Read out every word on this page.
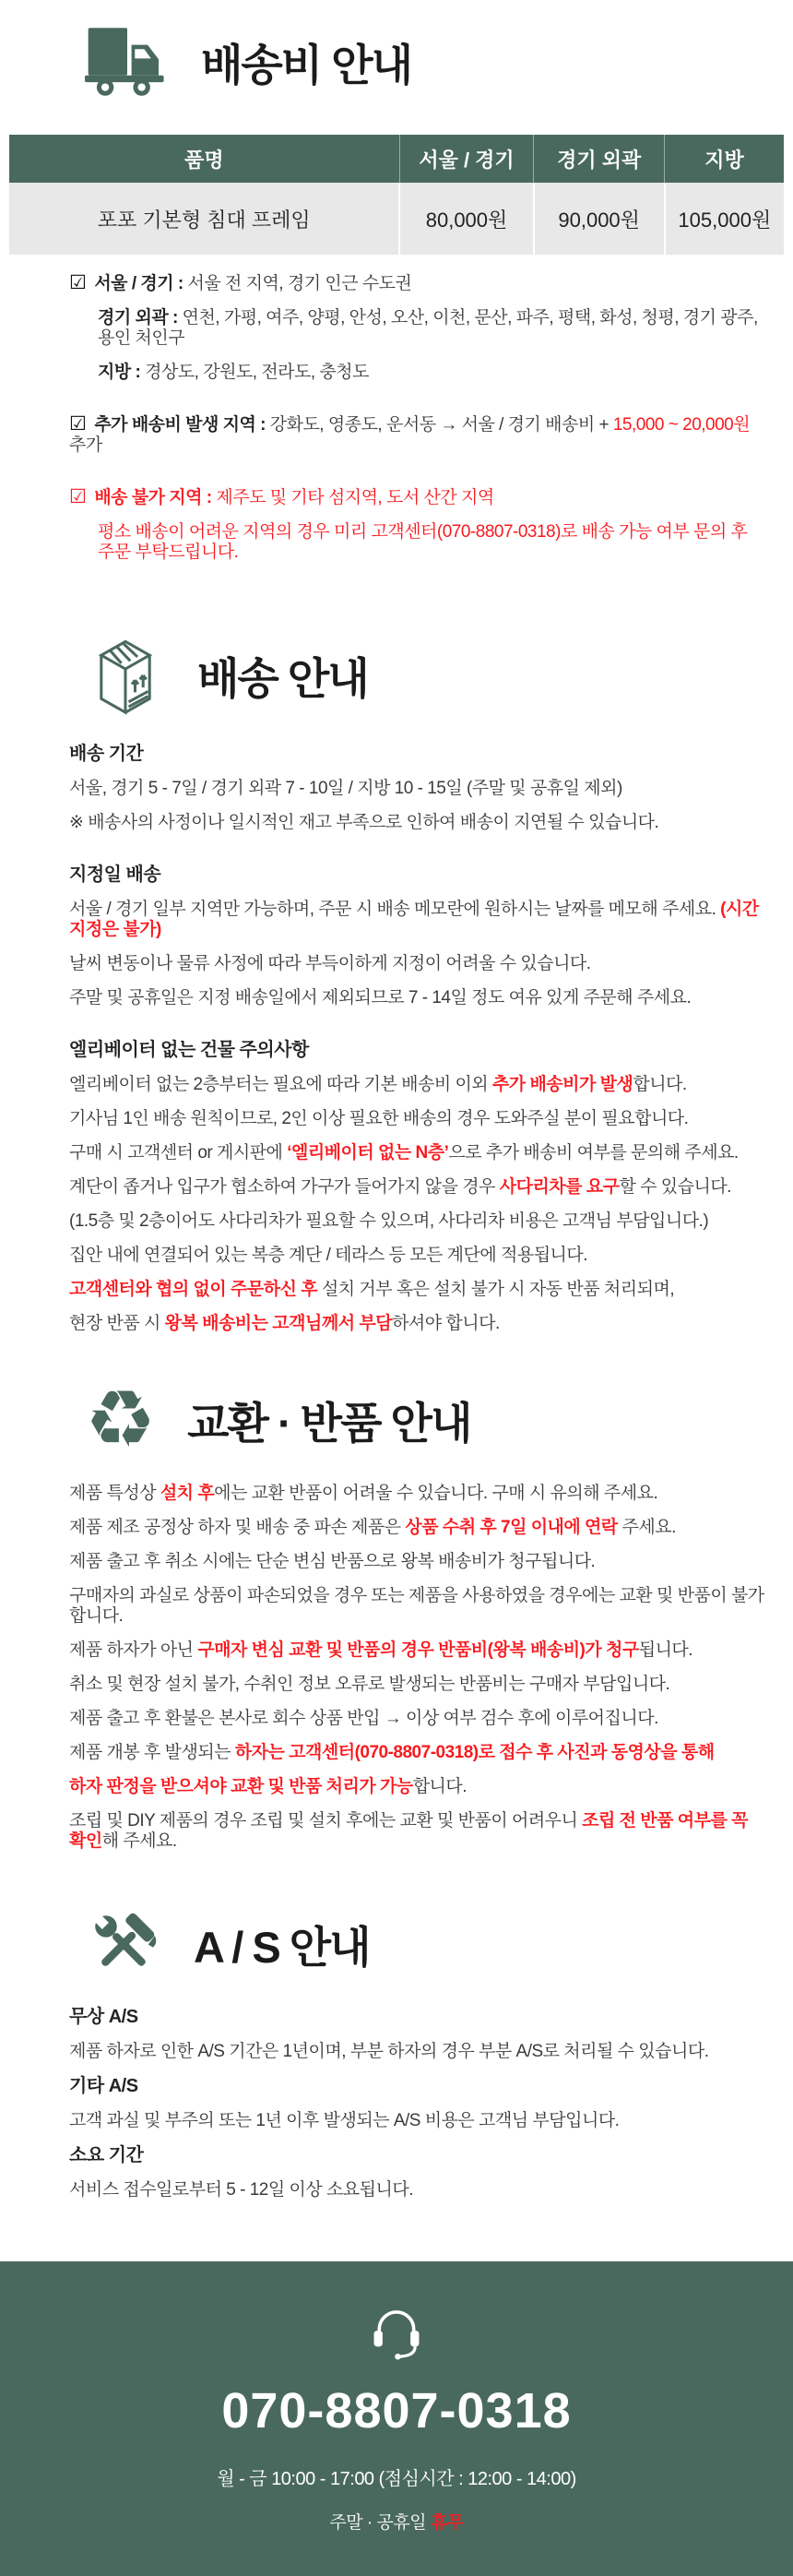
배송비 안내
품명	서울 / 경기	경기 외곽	지방
포포 기본형 침대 프레임	80,000원	90,000원	105,000원
☑ 서울 / 경기 : 서울 전 지역, 경기 인근 수도권
경기 외곽 : 연천, 가평, 여주, 양평, 안성, 오산, 이천, 문산, 파주, 평택, 화성, 청평, 경기 광주, 용인 처인구
지방 : 경상도, 강원도, 전라도, 충청도
☑ 추가 배송비 발생 지역 : 강화도, 영종도, 운서동 → 서울 / 경기 배송비 + 15,000 ~ 20,000원 추가
☑ 배송 불가 지역 : 제주도 및 기타 섬지역, 도서 산간 지역
평소 배송이 어려운 지역의 경우 미리 고객센터(070-8807-0318)로 배송 가능 여부 문의 후 주문 부탁드립니다.
배송 안내
배송 기간
서울, 경기 5 - 7일 / 경기 외곽 7 - 10일 / 지방 10 - 15일 (주말 및 공휴일 제외)
※ 배송사의 사정이나 일시적인 재고 부족으로 인하여 배송이 지연될 수 있습니다.
지정일 배송
서울 / 경기 일부 지역만 가능하며, 주문 시 배송 메모란에 원하시는 날짜를 메모해 주세요. (시간 지정은 불가)
날씨 변동이나 물류 사정에 따라 부득이하게 지정이 어려울 수 있습니다.
주말 및 공휴일은 지정 배송일에서 제외되므로 7 - 14일 정도 여유 있게 주문해 주세요.
엘리베이터 없는 건물 주의사항
엘리베이터 없는 2층부터는 필요에 따라 기본 배송비 이외 추가 배송비가 발생합니다.
기사님 1인 배송 원칙이므로, 2인 이상 필요한 배송의 경우 도와주실 분이 필요합니다.
구매 시 고객센터 or 게시판에 ‘엘리베이터 없는 N층’으로 추가 배송비 여부를 문의해 주세요.
계단이 좁거나 입구가 협소하여 가구가 들어가지 않을 경우 사다리차를 요구할 수 있습니다.
(1.5층 및 2층이어도 사다리차가 필요할 수 있으며, 사다리차 비용은 고객님 부담입니다.)
집안 내에 연결되어 있는 복층 계단 / 테라스 등 모든 계단에 적용됩니다.
고객센터와 협의 없이 주문하신 후 설치 거부 혹은 설치 불가 시 자동 반품 처리되며,
현장 반품 시 왕복 배송비는 고객님께서 부담하셔야 합니다.
♻ 교환 · 반품 안내
제품 특성상 설치 후에는 교환 반품이 어려울 수 있습니다. 구매 시 유의해 주세요.
제품 제조 공정상 하자 및 배송 중 파손 제품은 상품 수취 후 7일 이내에 연락 주세요.
제품 출고 후 취소 시에는 단순 변심 반품으로 왕복 배송비가 청구됩니다.
구매자의 과실로 상품이 파손되었을 경우 또는 제품을 사용하였을 경우에는 교환 및 반품이 불가합니다.
제품 하자가 아닌 구매자 변심 교환 및 반품의 경우 반품비(왕복 배송비)가 청구됩니다.
취소 및 현장 설치 불가, 수취인 정보 오류로 발생되는 반품비는 구매자 부담입니다.
제품 출고 후 환불은 본사로 회수 상품 반입 → 이상 여부 검수 후에 이루어집니다.
제품 개봉 후 발생되는 하자는 고객센터(070-8807-0318)로 접수 후 사진과 동영상을 통해
하자 판정을 받으셔야 교환 및 반품 처리가 가능합니다.
조립 및 DIY 제품의 경우 조립 및 설치 후에는 교환 및 반품이 어려우니 조립 전 반품 여부를 꼭 확인해 주세요.
A / S 안내
무상 A/S
제품 하자로 인한 A/S 기간은 1년이며, 부분 하자의 경우 부분 A/S로 처리될 수 있습니다.
기타 A/S
고객 과실 및 부주의 또는 1년 이후 발생되는 A/S 비용은 고객님 부담입니다.
소요 기간
서비스 접수일로부터 5 - 12일 이상 소요됩니다.
070-8807-0318
월 - 금 10:00 - 17:00 (점심시간 : 12:00 - 14:00)
주말 · 공휴일 휴무
